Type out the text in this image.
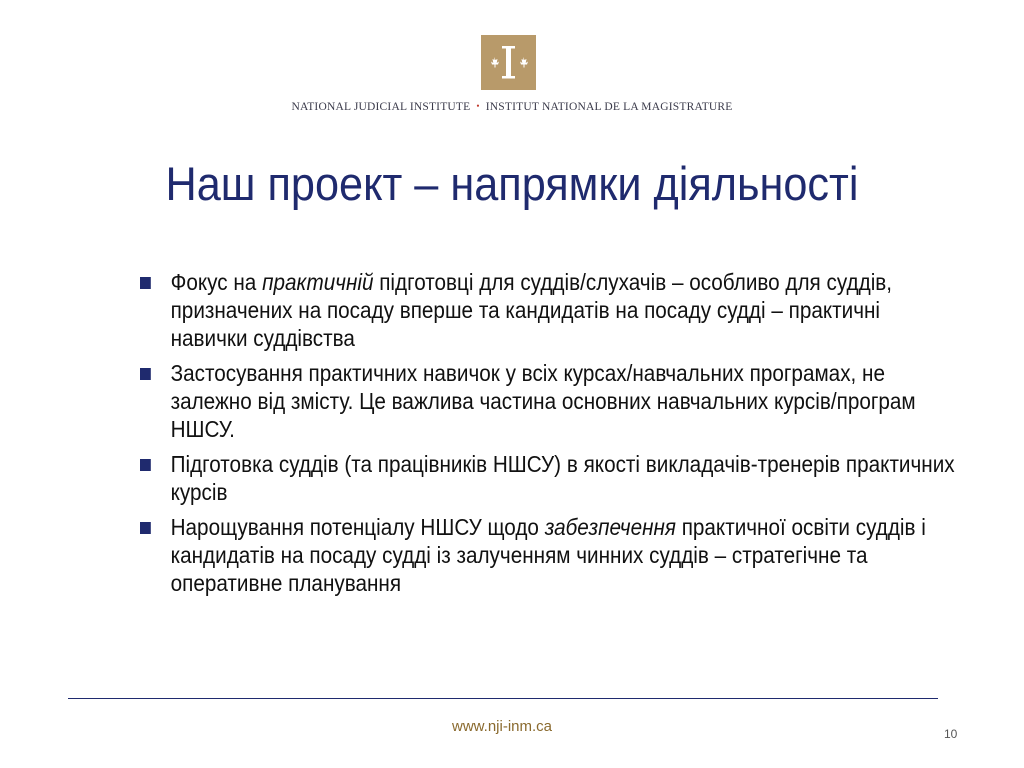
NATIONAL JUDICIAL INSTITUTE • INSTITUT NATIONAL DE LA MAGISTRATURE
Наш проект – напрямки діяльності
Фокус на практичній підготовці для суддів/слухачів – особливо для суддів, призначених на посаду вперше та кандидатів на посаду судді – практичні навички суддівства
Застосування практичних навичок у всіх курсах/навчальних програмах, не залежно від змісту. Це важлива частина основних навчальних курсів/програм НШСУ.
Підготовка суддів (та працівників НШСУ) в якості викладачів-тренерів практичних курсів
Нарощування потенціалу НШСУ щодо забезпечення практичної освіти суддів і кандидатів на посаду судді із залученням чинних суддів – стратегічне та оперативне планування
www.nji-inm.ca	10
